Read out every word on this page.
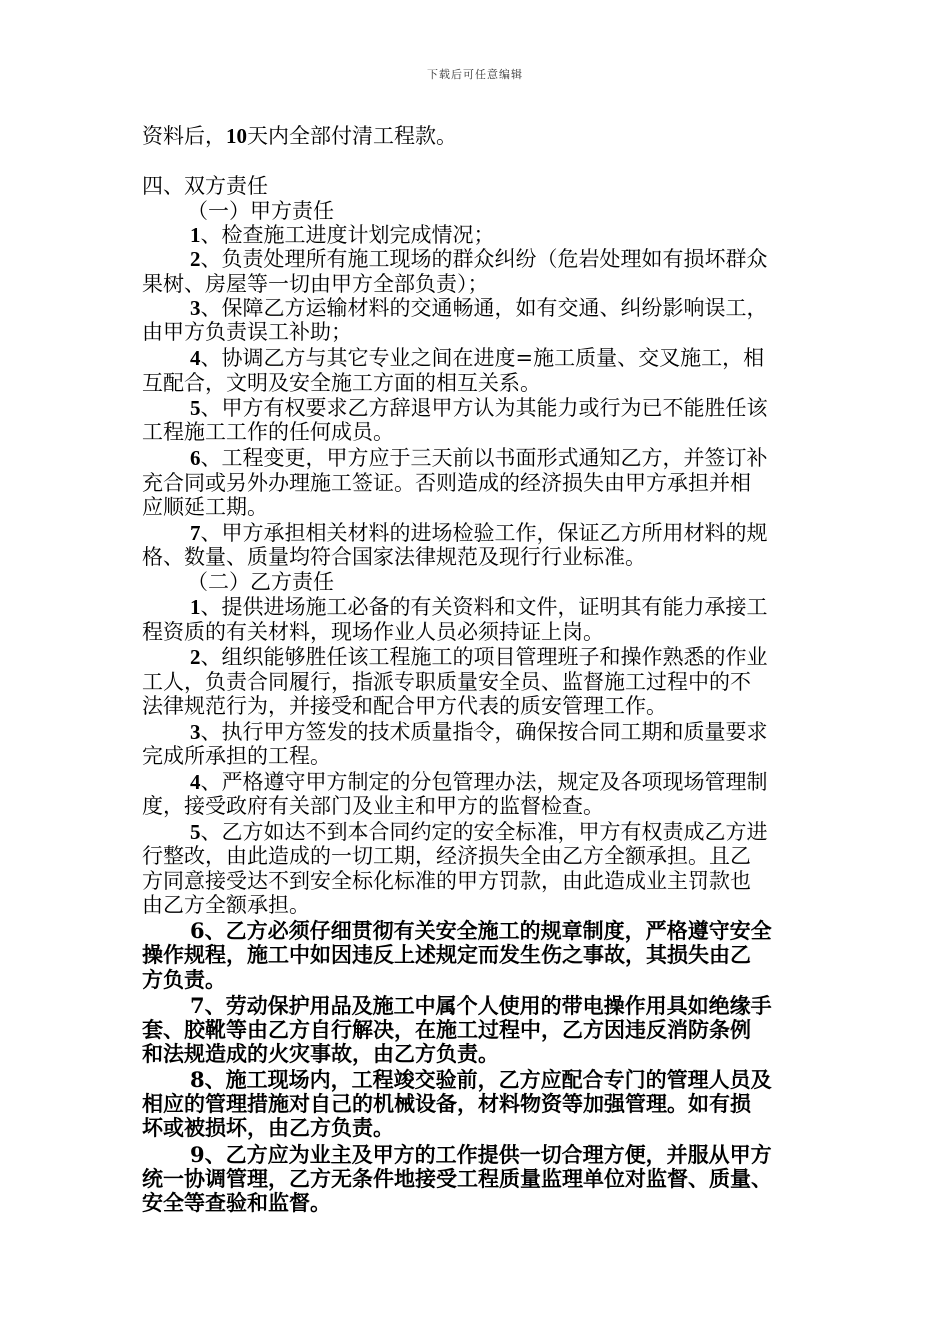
下载后可任意编辑
资料后，10天内全部付清工程款。
四、双方责任
（一）甲方责任
1、检查施工进度计划完成情况；
2、负责处理所有施工现场的群众纠纷（危岩处理如有损坏群众
果树、房屋等一切由甲方全部负责）；
3、保障乙方运输材料的交通畅通，如有交通、纠纷影响误工，
由甲方负责误工补助；
4、协调乙方与其它专业之间在进度=施工质量、交叉施工，相
互配合，文明及安全施工方面的相互关系。
5、甲方有权要求乙方辞退甲方认为其能力或行为已不能胜任该
工程施工工作的任何成员。
6、工程变更，甲方应于三天前以书面形式通知乙方，并签订补
充合同或另外办理施工签证。否则造成的经济损失由甲方承担并相
应顺延工期。
7、甲方承担相关材料的进场检验工作，保证乙方所用材料的规
格、数量、质量均符合国家法律规范及现行行业标准。
（二）乙方责任
1、提供进场施工必备的有关资料和文件，证明其有能力承接工
程资质的有关材料，现场作业人员必须持证上岗。
2、组织能够胜任该工程施工的项目管理班子和操作熟悉的作业
工人，负责合同履行，指派专职质量安全员、监督施工过程中的不
法律规范行为，并接受和配合甲方代表的质安管理工作。
3、执行甲方签发的技术质量指令，确保按合同工期和质量要求
完成所承担的工程。
4、严格遵守甲方制定的分包管理办法，规定及各项现场管理制
度，接受政府有关部门及业主和甲方的监督检查。
5、乙方如达不到本合同约定的安全标准，甲方有权责成乙方进
行整改，由此造成的一切工期，经济损失全由乙方全额承担。且乙
方同意接受达不到安全标化标准的甲方罚款，由此造成业主罚款也
由乙方全额承担。
6、乙方必须仔细贯彻有关安全施工的规章制度，严格遵守安全
操作规程，施工中如因违反上述规定而发生伤之事故，其损失由乙
方负责。
7、劳动保护用品及施工中属个人使用的带电操作用具如绝缘手
套、胶靴等由乙方自行解决，在施工过程中，乙方因违反消防条例
和法规造成的火灾事故，由乙方负责。
8、施工现场内，工程竣交验前，乙方应配合专门的管理人员及
相应的管理措施对自己的机械设备，材料物资等加强管理。如有损
坏或被损坏，由乙方负责。
9、乙方应为业主及甲方的工作提供一切合理方便，并服从甲方
统一协调管理，乙方无条件地接受工程质量监理单位对监督、质量、
安全等查验和监督。
